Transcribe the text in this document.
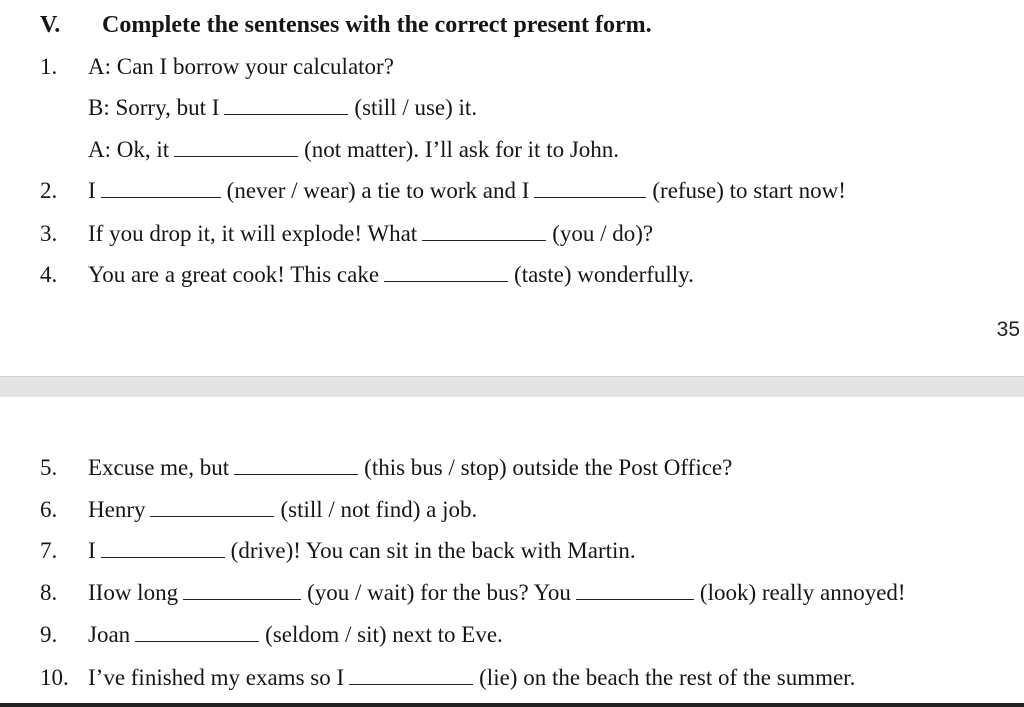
V. Complete the sentenses with the correct present form.
1. A: Can I borrow your calculator?
B: Sorry, but I	(still / use) it.
A: Ok, it	(not matter). I’ll ask for it to John.
2. I	(never / wear) a tie to work and I	(refuse) to start now!
3. If you drop it, it will explode! What	(you / do)?
4. You are a great cook! This cake	(taste) wonderfully.
35
5. Excuse me, but	(this bus / stop) outside the Post Office?
6. Henry	(still / not find) a job.
7. I	(drive)! You can sit in the back with Martin.
8. IIow long	(you / wait) for the bus? You	(look) really annoyed!
9. Joan	(seldom / sit) next to Eve.
10. I’ve finished my exams so I	(lie) on the beach the rest of the summer.
